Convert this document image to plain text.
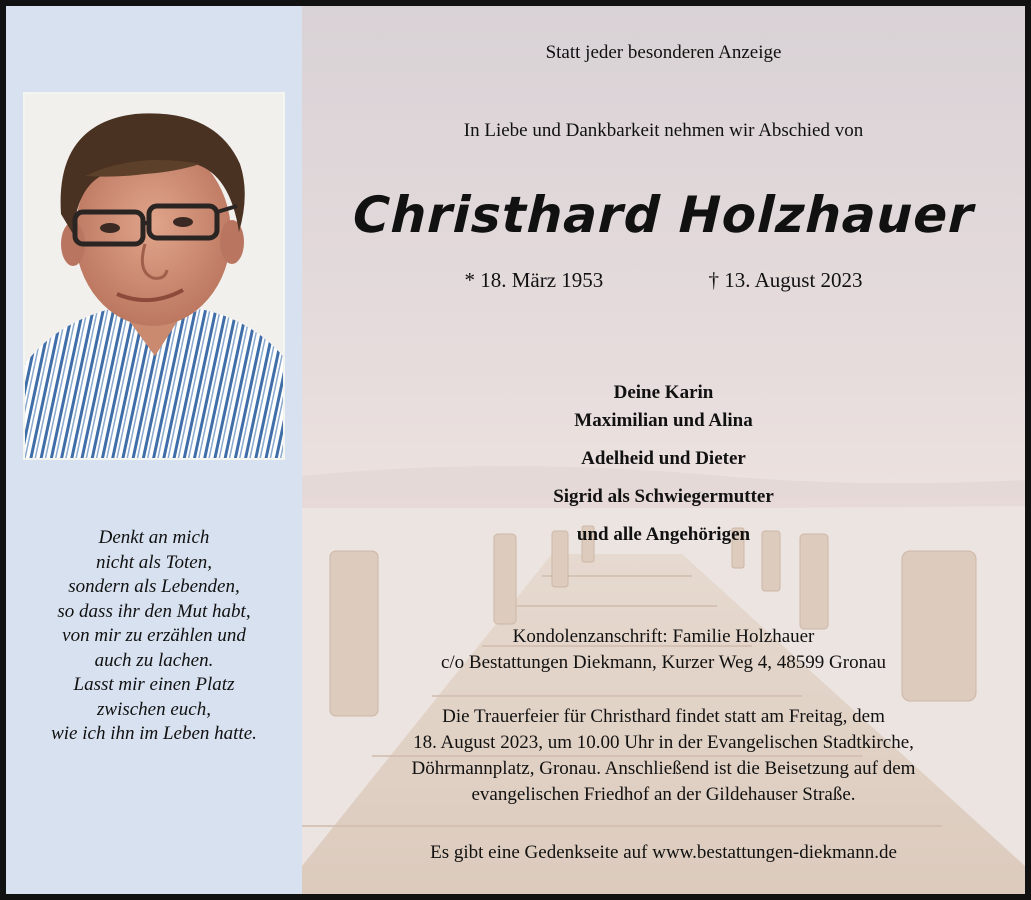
Denkt an mich
nicht als Toten,
sondern als Lebenden,
so dass ihr den Mut habt,
von mir zu erzählen und
auch zu lachen.
Lasst mir einen Platz
zwischen euch,
wie ich ihn im Leben hatte.
Statt jeder besonderen Anzeige
In Liebe und Dankbarkeit nehmen wir Abschied von
Christhard Holzhauer
* 18. März 1953	† 13. August 2023
Deine Karin
Maximilian und Alina
Adelheid und Dieter
Sigrid als Schwiegermutter
und alle Angehörigen
Kondolenzanschrift: Familie Holzhauer
c/o Bestattungen Diekmann, Kurzer Weg 4, 48599 Gronau
Die Trauerfeier für Christhard findet statt am Freitag, dem
18. August 2023, um 10.00 Uhr in der Evangelischen Stadtkirche,
Döhrmannplatz, Gronau. Anschließend ist die Beisetzung auf dem
evangelischen Friedhof an der Gildehauser Straße.
Es gibt eine Gedenkseite auf www.bestattungen-diekmann.de
